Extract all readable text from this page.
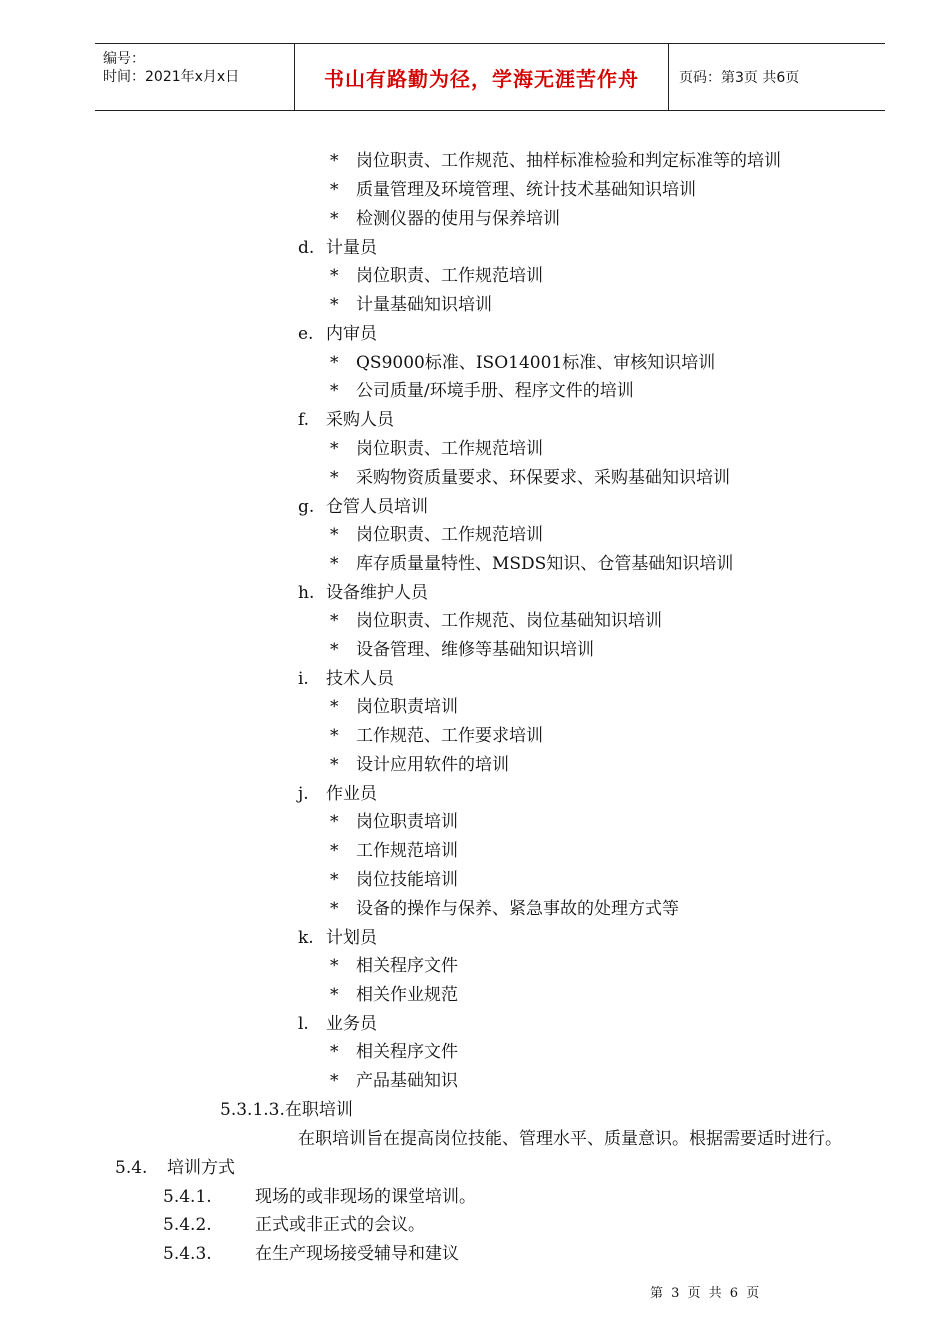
编号：
时间：2021年x月x日	书山有路勤为径，学海无涯苦作舟	页码：第3页 共6页
* 岗位职责、工作规范、抽样标准检验和判定标准等的培训
* 质量管理及环境管理、统计技术基础知识培训
* 检测仪器的使用与保养培训
d. 计量员
* 岗位职责、工作规范培训
* 计量基础知识培训
e. 内审员
* QS9000标准、ISO14001标准、审核知识培训
* 公司质量/环境手册、程序文件的培训
f. 采购人员
* 岗位职责、工作规范培训
* 采购物资质量要求、环保要求、采购基础知识培训
g. 仓管人员培训
* 岗位职责、工作规范培训
* 库存质量量特性、MSDS知识、仓管基础知识培训
h. 设备维护人员
* 岗位职责、工作规范、岗位基础知识培训
* 设备管理、维修等基础知识培训
i. 技术人员
* 岗位职责培训
* 工作规范、工作要求培训
* 设计应用软件的培训
j. 作业员
* 岗位职责培训
* 工作规范培训
* 岗位技能培训
* 设备的操作与保养、紧急事故的处理方式等
k. 计划员
* 相关程序文件
* 相关作业规范
l. 业务员
* 相关程序文件
* 产品基础知识
5.3.1.3.在职培训
在职培训旨在提高岗位技能、管理水平、质量意识。根据需要适时进行。
5.4. 培训方式
5.4.1.	现场的或非现场的课堂培训。
5.4.2.	正式或非正式的会议。
5.4.3.	在生产现场接受辅导和建议
第 3 页 共 6 页
